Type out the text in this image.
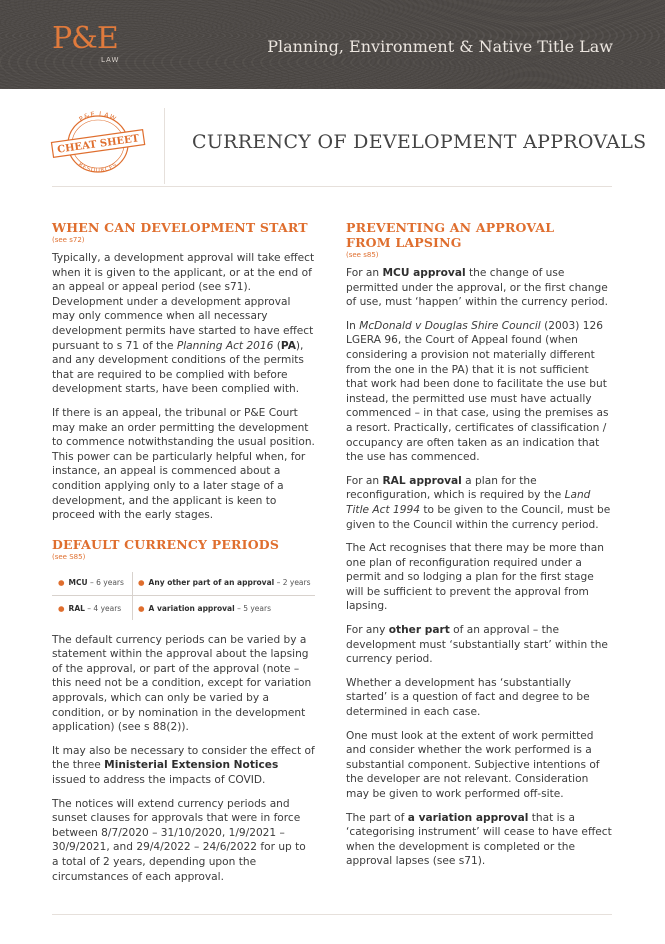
P&E
LAW
Planning, Environment & Native Title Law
P&E LAW
RESOURCES
CHEAT SHEET	CURRENCY OF DEVELOPMENT APPROVALS
WHEN CAN DEVELOPMENT START
(see s72)

Typically, a development approval will take effect when it is given to the applicant, or at the end of an appeal or appeal period (see s71). Development under a development approval may only commence when all necessary development permits have started to have effect pursuant to s 71 of the Planning Act 2016 (PA), and any development conditions of the permits that are required to be complied with before development starts, have been complied with.

If there is an appeal, the tribunal or P&E Court may make an order permitting the development to commence notwithstanding the usual position. This power can be particularly helpful when, for instance, an appeal is commenced about a condition applying only to a later stage of a development, and the applicant is keen to proceed with the early stages.

DEFAULT CURRENCY PERIODS
(see S85)
● MCU – 6 years ● Any other part of an approval – 2 years
● RAL – 4 years ● A variation approval – 5 years

The default currency periods can be varied by a statement within the approval about the lapsing of the approval, or part of the approval (note – this need not be a condition, except for variation approvals, which can only be varied by a condition, or by nomination in the development application) (see s 88(2)).

It may also be necessary to consider the effect of the three Ministerial Extension Notices issued to address the impacts of COVID.

The notices will extend currency periods and sunset clauses for approvals that were in force between 8/7/2020 – 31/10/2020, 1/9/2021 – 30/9/2021, and 29/4/2022 – 24/6/2022 for up to a total of 2 years, depending upon the circumstances of each approval.

PREVENTING AN APPROVAL
FROM LAPSING
(see s85)

For an MCU approval the change of use permitted under the approval, or the first change of use, must ‘happen’ within the currency period.

In McDonald v Douglas Shire Council (2003) 126 LGERA 96, the Court of Appeal found (when considering a provision not materially different from the one in the PA) that it is not sufficient that work had been done to facilitate the use but instead, the permitted use must have actually commenced – in that case, using the premises as a resort. Practically, certificates of classification / occupancy are often taken as an indication that the use has commenced.

For an RAL approval a plan for the reconfiguration, which is required by the Land Title Act 1994 to be given to the Council, must be given to the Council within the currency period.

The Act recognises that there may be more than one plan of reconfiguration required under a permit and so lodging a plan for the first stage will be sufficient to prevent the approval from lapsing.

For any other part of an approval – the development must ‘substantially start’ within the currency period.

Whether a development has ‘substantially started’ is a question of fact and degree to be determined in each case.

One must look at the extent of work permitted and consider whether the work performed is a substantial component. Subjective intentions of the developer are not relevant. Consideration may be given to work performed off-site.

The part of a variation approval that is a ‘categorising instrument’ will cease to have effect when the development is completed or the approval lapses (see s71).
